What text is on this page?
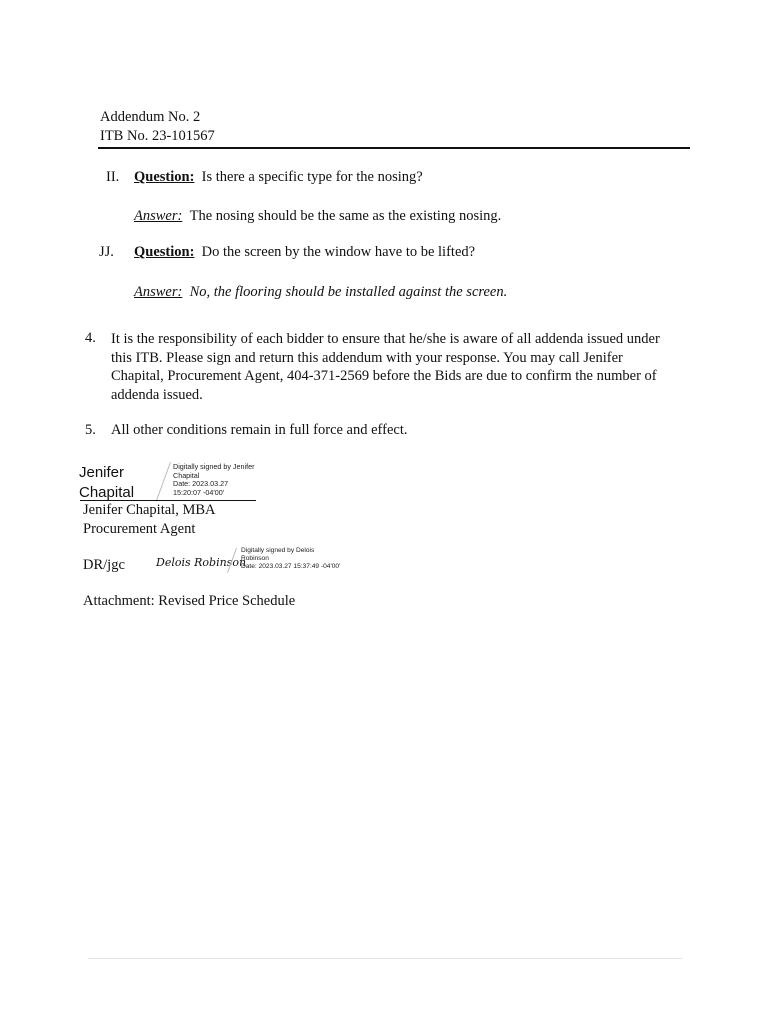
Addendum No. 2
ITB No. 23-101567
II. Question: Is there a specific type for the nosing?
Answer: The nosing should be the same as the existing nosing.
JJ. Question: Do the screen by the window have to be lifted?
Answer: No, the flooring should be installed against the screen.
4. It is the responsibility of each bidder to ensure that he/she is aware of all addenda issued under this ITB. Please sign and return this addendum with your response. You may call Jenifer Chapital, Procurement Agent, 404-371-2569 before the Bids are due to confirm the number of addenda issued.
5. All other conditions remain in full force and effect.
Jenifer
Chapital
Digitally signed by Jenifer
Chapital
Date: 2023.03.27
15:20:07 -04'00'
Jenifer Chapital, MBA
Procurement Agent
DR/jgc	Delois Robinson
Digitally signed by Delois
Robinson
Date: 2023.03.27 15:37:49 -04'00'
Attachment: Revised Price Schedule
